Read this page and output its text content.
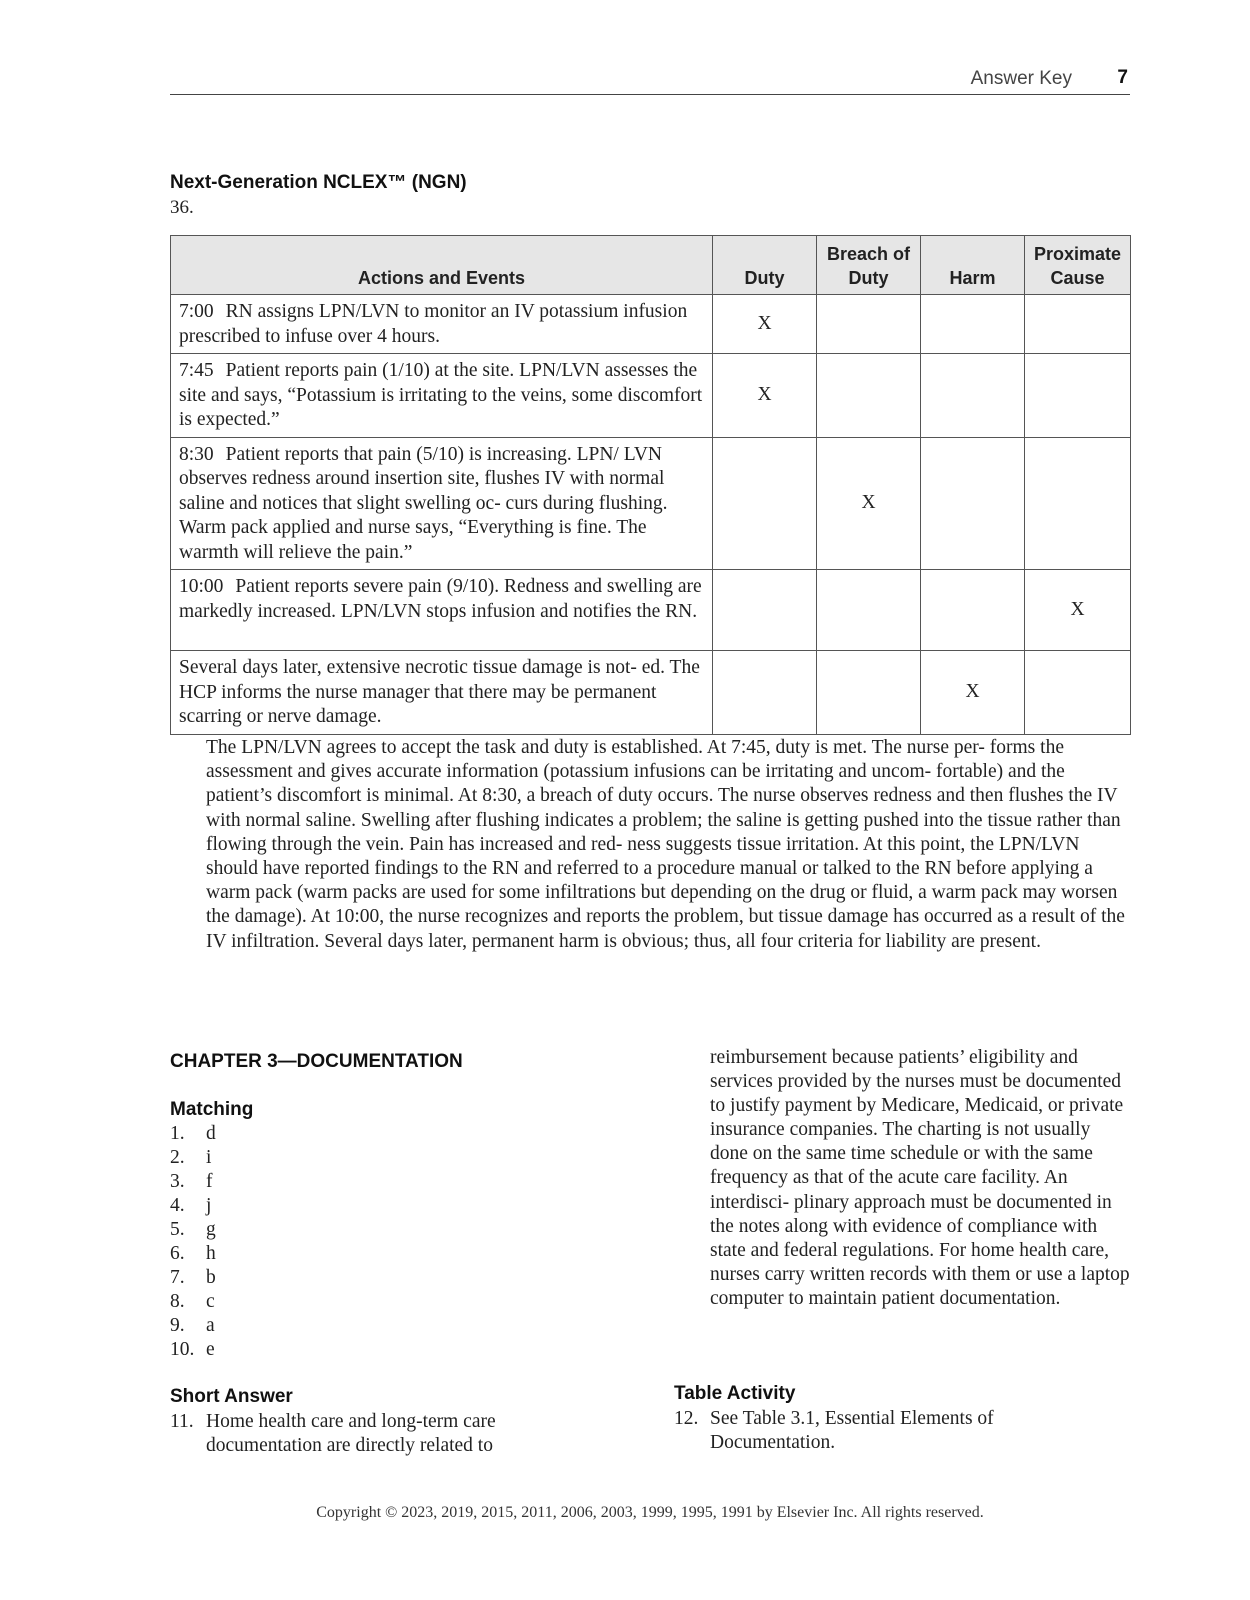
Answer Key 7
Next-Generation NCLEX™ (NGN)
36.
Actions and Events	Duty	Breach of Duty	Harm	Proximate Cause
7:00 RN assigns LPN/LVN to monitor an IV potassium infusion prescribed to infuse over 4 hours.	X			
7:45 Patient reports pain (1/10) at the site. LPN/LVN assesses the site and says, “Potassium is irritating to the veins, some discomfort is expected.”	X			
8:30 Patient reports that pain (5/10) is increasing. LPN/ LVN observes redness around insertion site, flushes IV with normal saline and notices that slight swelling oc- curs during flushing. Warm pack applied and nurse says, “Everything is fine. The warmth will relieve the pain.”		X		
10:00 Patient reports severe pain (9/10). Redness and swelling are markedly increased. LPN/LVN stops infusion and notifies the RN.				X
Several days later, extensive necrotic tissue damage is not- ed. The HCP informs the nurse manager that there may be permanent scarring or nerve damage.			X	

The LPN/LVN agrees to accept the task and duty is established. At 7:45, duty is met. The nurse per- forms the assessment and gives accurate information (potassium infusions can be irritating and uncom- fortable) and the patient’s discomfort is minimal. At 8:30, a breach of duty occurs. The nurse observes redness and then flushes the IV with normal saline. Swelling after flushing indicates a problem; the saline is getting pushed into the tissue rather than flowing through the vein. Pain has increased and red- ness suggests tissue irritation. At this point, the LPN/LVN should have reported findings to the RN and referred to a procedure manual or talked to the RN before applying a warm pack (warm packs are used for some infiltrations but depending on the drug or fluid, a warm pack may worsen the damage). At 10:00, the nurse recognizes and reports the problem, but tissue damage has occurred as a result of the IV infiltration. Several days later, permanent harm is obvious; thus, all four criteria for liability are present.

CHAPTER 3—DOCUMENTATION
Matching
1.	d
2.	i
3.	f
4.	j
5.	g
6.	h
7.	b
8.	c
9.	a
10. e
Short Answer
11. Home health care and long-term care documentation are directly related to

reimbursement because patients’ eligibility and services provided by the nurses must be documented to justify payment by Medicare, Medicaid, or private insurance companies. The charting is not usually done on the same time schedule or with the same frequency as that of the acute care facility. An interdisci- plinary approach must be documented in the notes along with evidence of compliance with state and federal regulations. For home health care, nurses carry written records with them or use a laptop computer to maintain patient documentation.

Table Activity
12. See Table 3.1, Essential Elements of Documentation.
Copyright © 2023, 2019, 2015, 2011, 2006, 2003, 1999, 1995, 1991 by Elsevier Inc. All rights reserved.
